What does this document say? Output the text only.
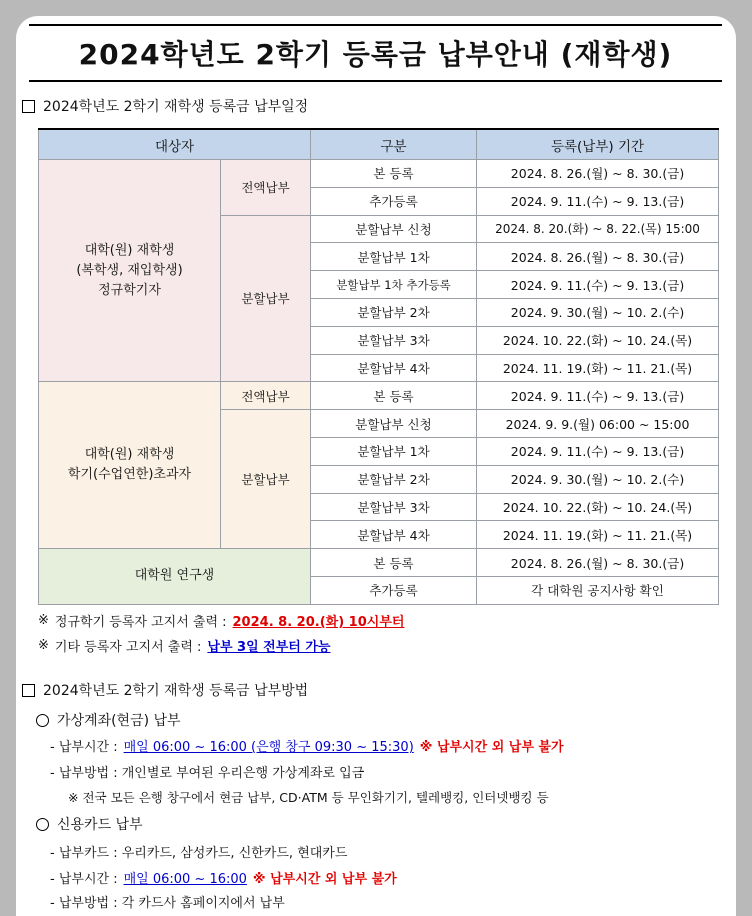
2024학년도 2학기 등록금 납부안내 (재학생)
2024학년도 2학기 재학생 등록금 납부일정
대상자		구분	등록(납부) 기간

대학(원) 재학생
(복학생, 재입학생)
정규학기자	전액납부	본 등록	2024. 8. 26.(월) ~ 8. 30.(금)
		추가등록	2024. 9. 11.(수) ~ 9. 13.(금)
	분할납부	분할납부 신청	2024. 8. 20.(화) ~ 8. 22.(목) 15:00
		분할납부 1차	2024. 8. 26.(월) ~ 8. 30.(금)
		분할납부 1차 추가등록	2024. 9. 11.(수) ~ 9. 13.(금)
		분할납부 2차	2024. 9. 30.(월) ~ 10. 2.(수)
		분할납부 3차	2024. 10. 22.(화) ~ 10. 24.(목)
		분할납부 4차	2024. 11. 19.(화) ~ 11. 21.(목)

대학(원) 재학생
학기(수업연한)초과자	전액납부	본 등록	2024. 9. 11.(수) ~ 9. 13.(금)
	분할납부	분할납부 신청	2024. 9. 9.(월) 06:00 ~ 15:00
		분할납부 1차	2024. 9. 11.(수) ~ 9. 13.(금)
		분할납부 2차	2024. 9. 30.(월) ~ 10. 2.(수)
		분할납부 3차	2024. 10. 22.(화) ~ 10. 24.(목)
		분할납부 4차	2024. 11. 19.(화) ~ 11. 21.(목)

대학원 연구생		본 등록	2024. 8. 26.(월) ~ 8. 30.(금)
		추가등록	각 대학원 공지사항 확인
※ 정규학기 등록자 고지서 출력 : 2024. 8. 20.(화) 10시부터
※ 기타 등록자 고지서 출력 : 납부 3일 전부터 가능
2024학년도 2학기 재학생 등록금 납부방법
가상계좌(현금) 납부
- 납부시간 : 매일 06:00 ~ 16:00 (은행 창구 09:30 ~ 15:30) ※ 납부시간 외 납부 불가
- 납부방법 : 개인별로 부여된 우리은행 가상계좌로 입금
※ 전국 모든 은행 창구에서 현금 납부, CD·ATM 등 무인화기기, 텔레뱅킹, 인터넷뱅킹 등
신용카드 납부
- 납부카드 : 우리카드, 삼성카드, 신한카드, 현대카드
- 납부시간 : 매일 06:00 ~ 16:00 ※ 납부시간 외 납부 불가
- 납부방법 : 각 카드사 홈페이지에서 납부
